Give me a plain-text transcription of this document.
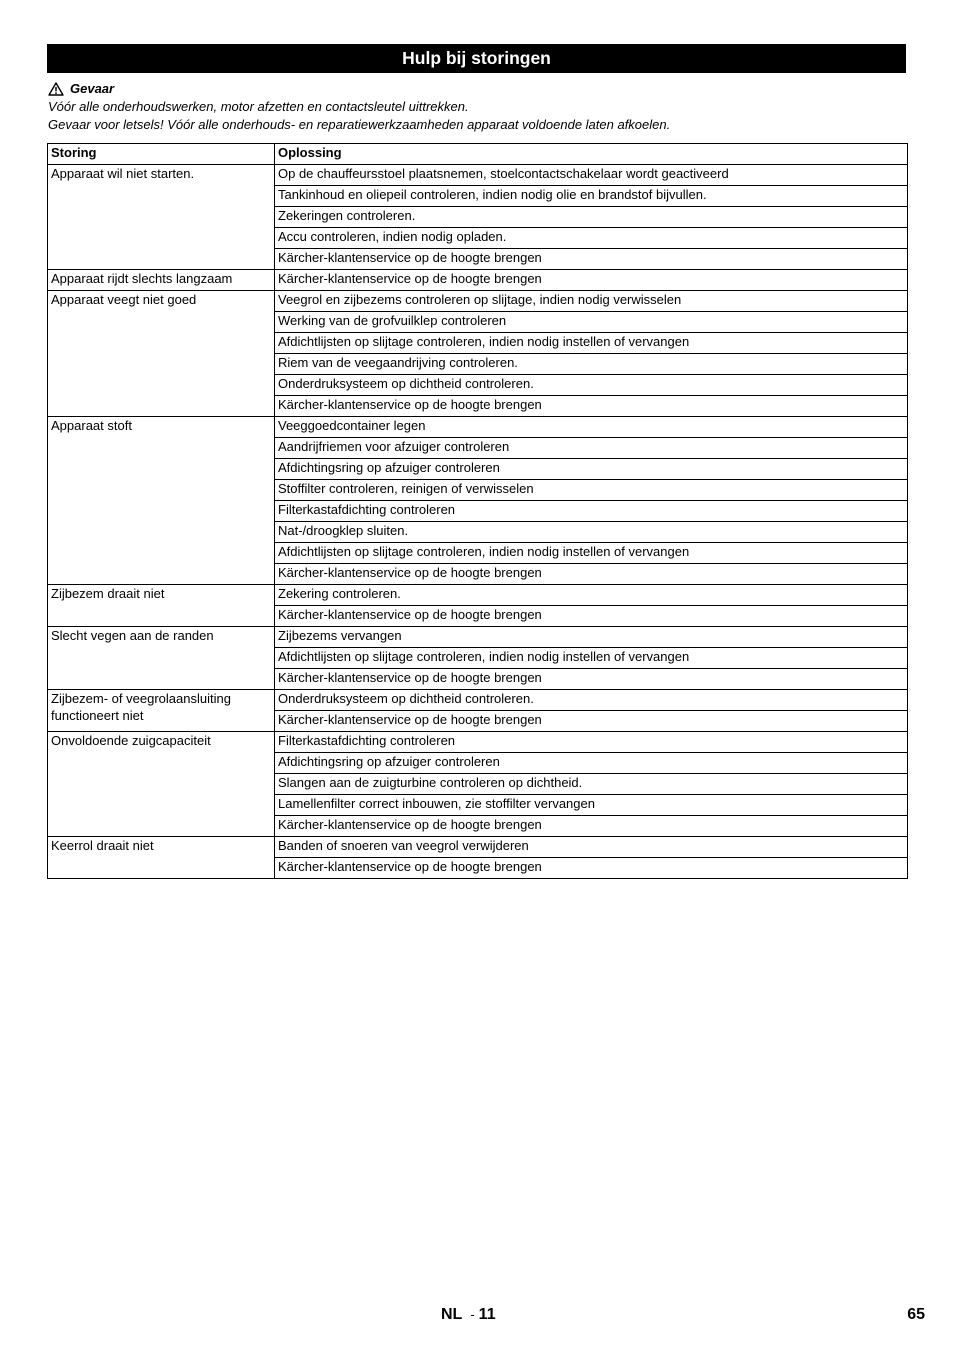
Hulp bij storingen
Gevaar
Vóór alle onderhoudswerken, motor afzetten en contactsleutel uittrekken.
Gevaar voor letsels! Vóór alle onderhouds- en reparatiewerkzaamheden apparaat voldoende laten afkoelen.
Storing	Oplossing
Apparaat wil niet starten.	Op de chauffeursstoel plaatsnemen, stoelcontactschakelaar wordt geactiveerd
	Tankinhoud en oliepeil controleren, indien nodig olie en brandstof bijvullen.
	Zekeringen controleren.
	Accu controleren, indien nodig opladen.
	Kärcher-klantenservice op de hoogte brengen
Apparaat rijdt slechts langzaam	Kärcher-klantenservice op de hoogte brengen
Apparaat veegt niet goed	Veegrol en zijbezems controleren op slijtage, indien nodig verwisselen
	Werking van de grofvuilklep controleren
	Afdichtlijsten op slijtage controleren, indien nodig instellen of vervangen
	Riem van de veegaandrijving controleren.
	Onderdruksysteem op dichtheid controleren.
	Kärcher-klantenservice op de hoogte brengen
Apparaat stoft	Veeggoedcontainer legen
	Aandrijfriemen voor afzuiger controleren
	Afdichtingsring op afzuiger controleren
	Stoffilter controleren, reinigen of verwisselen
	Filterkastafdichting controleren
	Nat-/droogklep sluiten.
	Afdichtlijsten op slijtage controleren, indien nodig instellen of vervangen
	Kärcher-klantenservice op de hoogte brengen
Zijbezem draait niet	Zekering controleren.
	Kärcher-klantenservice op de hoogte brengen
Slecht vegen aan de randen	Zijbezems vervangen
	Afdichtlijsten op slijtage controleren, indien nodig instellen of vervangen
	Kärcher-klantenservice op de hoogte brengen
Zijbezem- of veegrolaansluiting functioneert niet	Onderdruksysteem op dichtheid controleren.
	Kärcher-klantenservice op de hoogte brengen
Onvoldoende zuigcapaciteit	Filterkastafdichting controleren
	Afdichtingsring op afzuiger controleren
	Slangen aan de zuigturbine controleren op dichtheid.
	Lamellenfilter correct inbouwen, zie stoffilter vervangen
	Kärcher-klantenservice op de hoogte brengen
Keerrol draait niet	Banden of snoeren van veegrol verwijderen
	Kärcher-klantenservice op de hoogte brengen
NL - 11	65
